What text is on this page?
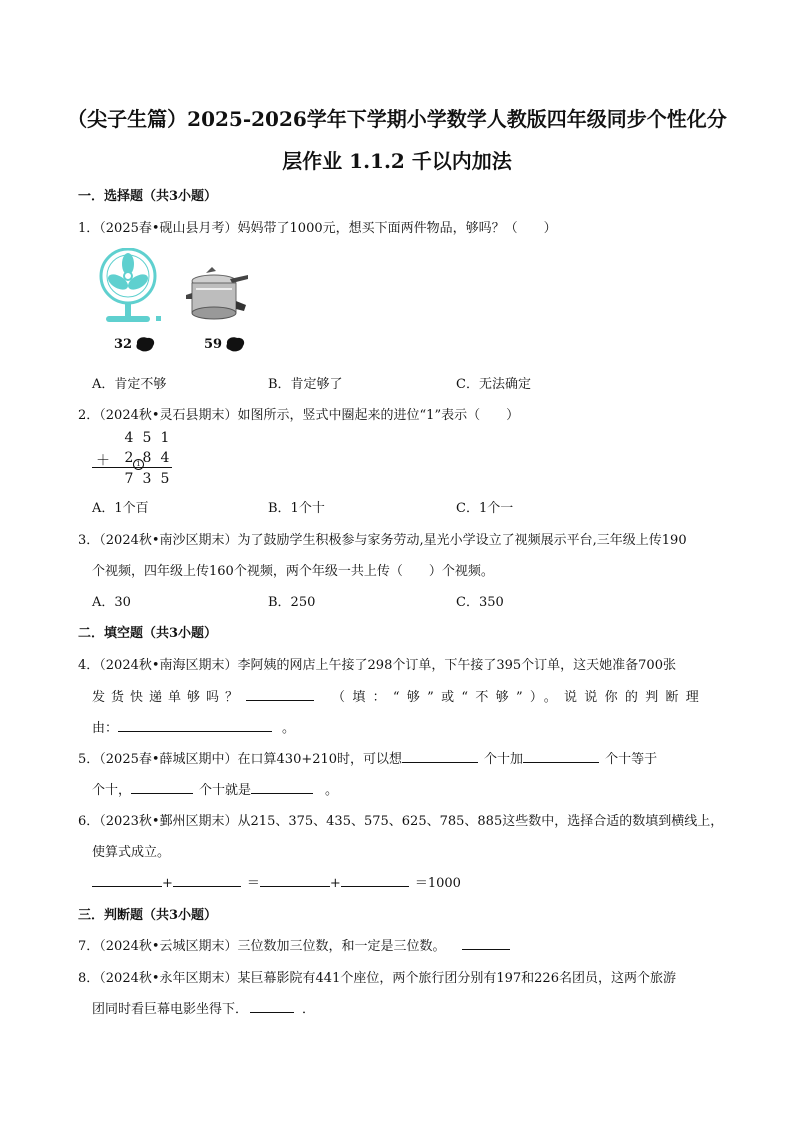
（尖子生篇）2025-2026学年下学期小学数学人教版四年级同步个性化分
层作业 1.1.2 千以内加法
一．选择题（共3小题）
1．（2025春•砚山县月考）妈妈带了1000元，想买下面两件物品，够吗？（　　）
32	59
A．肯定不够	B．肯定够了	C．无法确定
2．（2024秋•灵石县期末）如图所示，竖式中圈起来的进位“1”表示（　　）
4 5 1
＋	2 8 4
1
7 3 5
A．1个百	B．1个十	C．1个一
3．（2024秋•南沙区期末）为了鼓励学生积极参与家务劳动,星光小学设立了视频展示平台,三年级上传190
个视频，四年级上传160个视频，两个年级一共上传（　　）个视频。
A．30	B．250	C．350
二．填空题（共3小题）
4．（2024秋•南海区期末）李阿姨的网店上午接了298个订单，下午接了395个订单，这天她准备700张
发货快递单够吗？	（填：“够”或“不够”）。说说你的判断理
由：	。
5．（2025春•薛城区期中）在口算430+210时，可以想	个十加	个十等于
个十，	个十就是	。
6．（2023秋•鄞州区期末）从215、375、435、575、625、785、885这些数中，选择合适的数填到横线上，
使算式成立。
+	＝	+	＝1000
三．判断题（共3小题）
7．（2024秋•云城区期末）三位数加三位数，和一定是三位数。
8．（2024秋•永年区期末）某巨幕影院有441个座位，两个旅行团分别有197和226名团员，这两个旅游
团同时看巨幕电影坐得下．	．
